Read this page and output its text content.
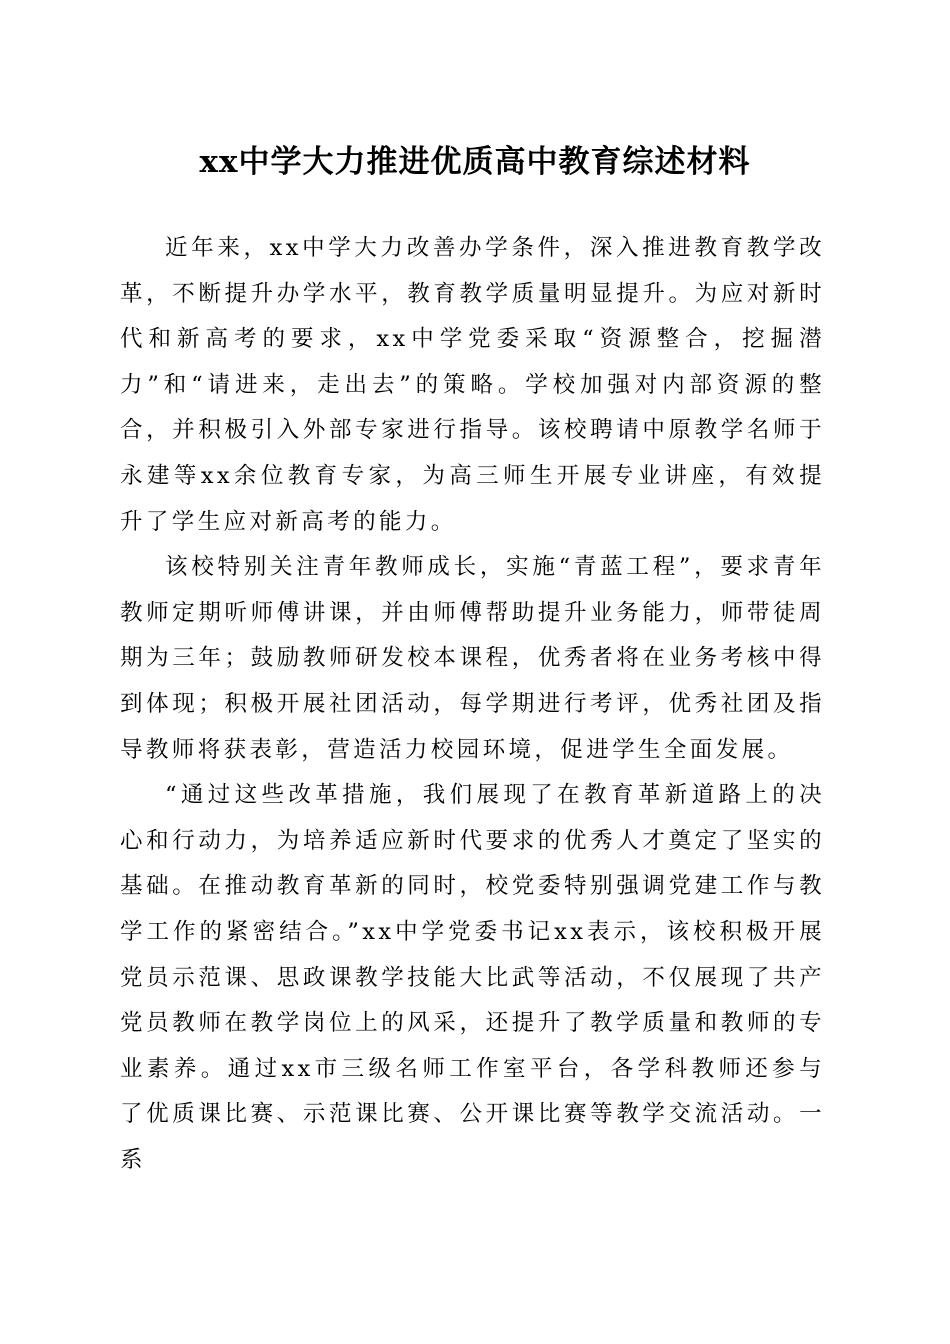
xx中学大力推进优质高中教育综述材料

近年来，xx中学大力改善办学条件，深入推进教育教学改革，不断提升办学水平，教育教学质量明显提升。为应对新时代和新高考的要求，xx中学党委采取“资源整合，挖掘潜力”和“请进来，走出去”的策略。学校加强对内部资源的整合，并积极引入外部专家进行指导。该校聘请中原教学名师于永建等xx余位教育专家，为高三师生开展专业讲座，有效提升了学生应对新高考的能力。

该校特别关注青年教师成长，实施“青蓝工程”，要求青年教师定期听师傅讲课，并由师傅帮助提升业务能力，师带徒周期为三年；鼓励教师研发校本课程，优秀者将在业务考核中得到体现；积极开展社团活动，每学期进行考评，优秀社团及指导教师将获表彰，营造活力校园环境，促进学生全面发展。

“通过这些改革措施，我们展现了在教育革新道路上的决心和行动力，为培养适应新时代要求的优秀人才奠定了坚实的基础。在推动教育革新的同时，校党委特别强调党建工作与教学工作的紧密结合。”xx中学党委书记xx表示，该校积极开展党员示范课、思政课教学技能大比武等活动，不仅展现了共产党员教师在教学岗位上的风采，还提升了教学质量和教师的专业素养。通过xx市三级名师工作室平台，各学科教师还参与了优质课比赛、示范课比赛、公开课比赛等教学交流活动。一系
